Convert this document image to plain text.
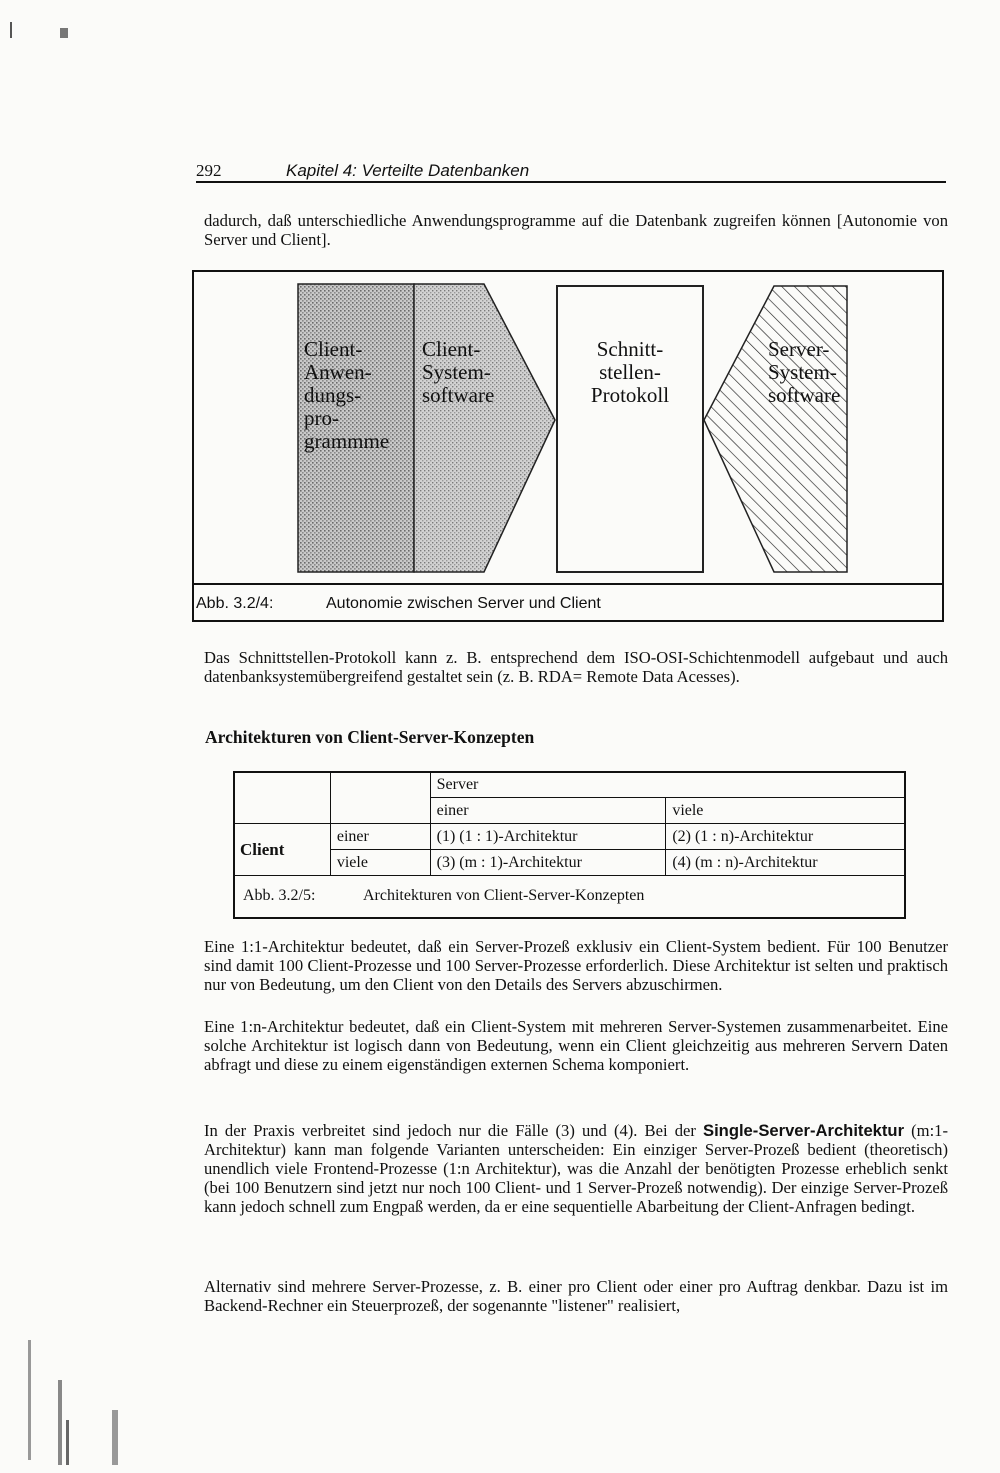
292	Kapitel 4: Verteilte Datenbanken

dadurch, daß unterschiedliche Anwendungsprogramme auf die Datenbank zugreifen können [Autonomie von Server und Client].

Client-
Anwen-
dungs-
pro-
grammme
Client-
System-
software
Schnitt-
stellen-
Protokoll
Server-
System-
software
Abb. 3.2/4:	Autonomie zwischen Server und Client

Das Schnittstellen-Protokoll kann z. B. entsprechend dem ISO-OSI-Schichtenmodell aufgebaut und auch datenbanksystemübergreifend gestaltet sein (z. B. RDA= Remote Data Acesses).

Architekturen von Client-Server-Konzepten
		Server	
		einer	viele
Client	einer	(1) (1 : 1)-Architektur	(2) (1 : n)-Architektur
	viele	(3) (m : 1)-Architektur	(4) (m : n)-Architektur
Abb. 3.2/5:	Architekturen von Client-Server-Konzepten

Eine 1:1-Architektur bedeutet, daß ein Server-Prozeß exklusiv ein Client-System bedient. Für 100 Benutzer sind damit 100 Client-Prozesse und 100 Server-Prozesse erforderlich. Diese Architektur ist selten und praktisch nur von Bedeutung, um den Client von den Details des Servers abzuschirmen.

Eine 1:n-Architektur bedeutet, daß ein Client-System mit mehreren Server-Systemen zusammenarbeitet. Eine solche Architektur ist logisch dann von Bedeutung, wenn ein Client gleichzeitig aus mehreren Servern Daten abfragt und diese zu einem eigenständigen externen Schema komponiert.

In der Praxis verbreitet sind jedoch nur die Fälle (3) und (4). Bei der Single-Server-Architektur (m:1-Architektur) kann man folgende Varianten unterscheiden: Ein einziger Server-Prozeß bedient (theoretisch) unendlich viele Frontend-Prozesse (1:n Architektur), was die Anzahl der benötigten Prozesse erheblich senkt (bei 100 Benutzern sind jetzt nur noch 100 Client- und 1 Server-Prozeß notwendig). Der einzige Server-Prozeß kann jedoch schnell zum Engpaß werden, da er eine sequentielle Abarbeitung der Client-Anfragen bedingt.

Alternativ sind mehrere Server-Prozesse, z. B. einer pro Client oder einer pro Auftrag denkbar. Dazu ist im Backend-Rechner ein Steuerprozeß, der sogenannte "listener" realisiert,
